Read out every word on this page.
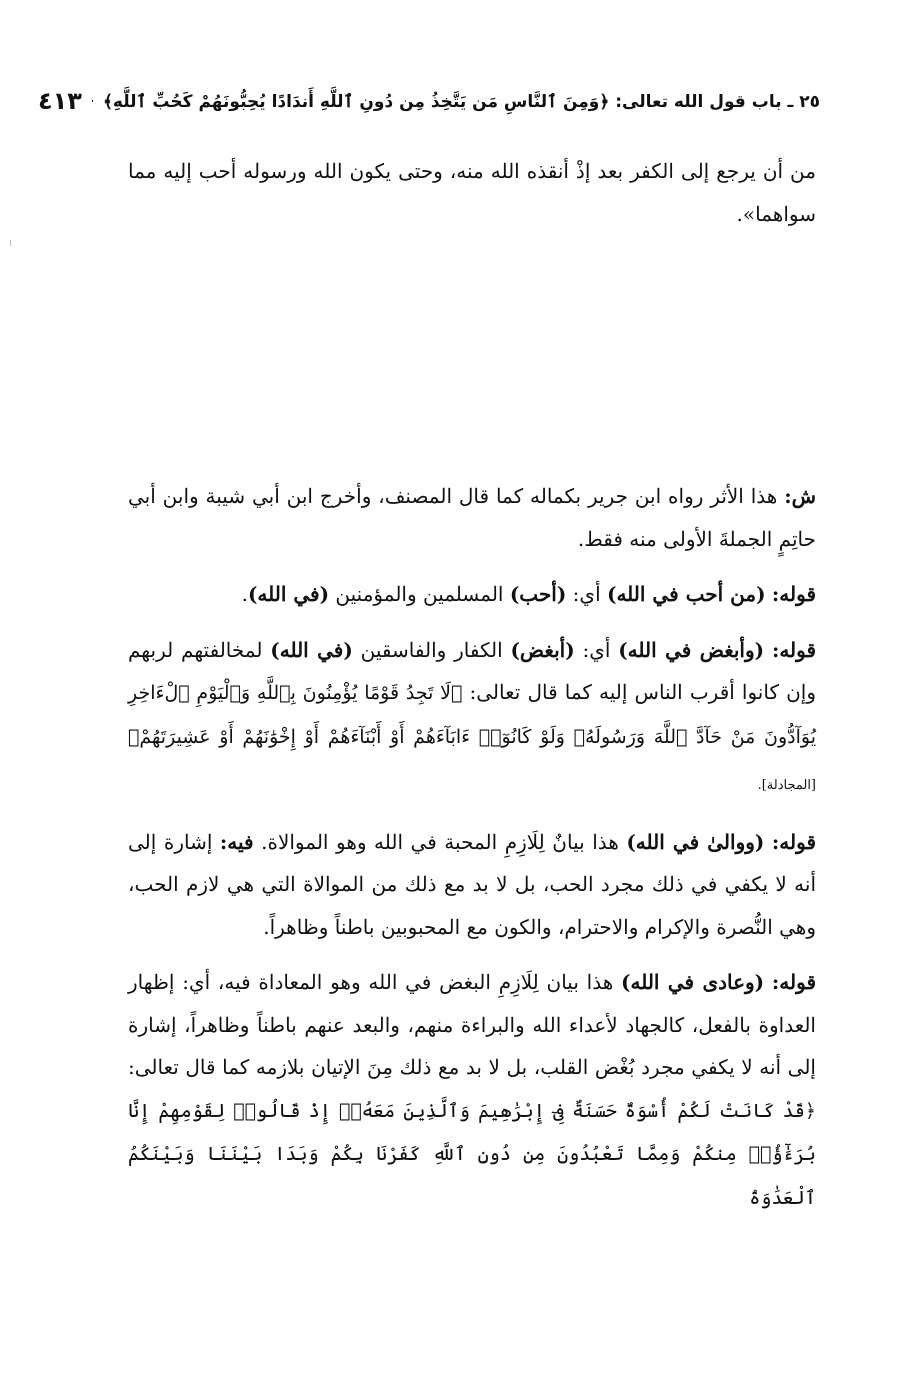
٢٥ ـ باب قول الله تعالى: ﴿وَمِنَ ٱلنَّاسِ مَن يَتَّخِذُ مِن دُونِ ٱللَّهِ أَندَادًا يُحِبُّونَهُمْ كَحُبِّ ٱللَّهِ﴾
٤١٣

من أن يرجع إلى الكفر بعد إذْ أنقذه الله منه، وحتى يكون الله ورسوله أحب إليه مما سواهما».

ش: هذا الأثر رواه ابن جرير بكماله كما قال المصنف، وأخرج ابن أبي شيبة وابن أبي حاتِمٍ الجملةَ الأولى منه فقط.

قوله: (من أحب في الله) أي: (أحب) المسلمين والمؤمنين (في الله).

قوله: (وأبغض في الله) أي: (أبغض) الكفار والفاسقين (في الله) لمخالفتهم لربهم وإن كانوا أقرب الناس إليه كما قال تعالى: ﴿لَا تَجِدُ قَوْمًا يُؤْمِنُونَ بِٱللَّهِ وَٱلْيَوْمِ ٱلْءَاخِرِ يُوَآدُّونَ مَنْ حَآدَّ ٱللَّهَ وَرَسُولَهُۥ وَلَوْ كَانُوٓا۟ ءَابَآءَهُمْ أَوْ أَبْنَآءَهُمْ أَوْ إِخْوَٰنَهُمْ أَوْ عَشِيرَتَهُمْ﴾ [المجادلة].

قوله: (ووالىٰ في الله) هذا بيانٌ لِلَازِمِ المحبة في الله وهو الموالاة. فيه: إشارة إلى أنه لا يكفي في ذلك مجرد الحب، بل لا بد مع ذلك من الموالاة التي هي لازم الحب، وهي النُّصرة والإكرام والاحترام، والكون مع المحبوبين باطناً وظاهراً.

قوله: (وعادى في الله) هذا بيان لِلَازِمِ البغض في الله وهو المعاداة فيه، أي: إظهار العداوة بالفعل، كالجهاد لأعداء الله والبراءة منهم، والبعد عنهم باطناً وظاهراً، إشارة إلى أنه لا يكفي مجرد بُغْض القلب، بل لا بد مع ذلك مِنَ الإتيان بلازمه كما قال تعالى: ﴿قَدْ كَانَتْ لَكُمْ أُسْوَةٌ حَسَنَةٌ فِىٓ إِبْرَٰهِيمَ وَٱلَّذِينَ مَعَهُۥٓ إِذْ قَالُوا۟ لِقَوْمِهِمْ إِنَّا بُرَءَٰٓؤُا۟ مِنكُمْ وَمِمَّا تَعْبُدُونَ مِن دُونِ ٱللَّهِ كَفَرْنَا بِكُمْ وَبَدَا بَيْنَنَا وَبَيْنَكُمُ ٱلْعَدَٰوَةُ
